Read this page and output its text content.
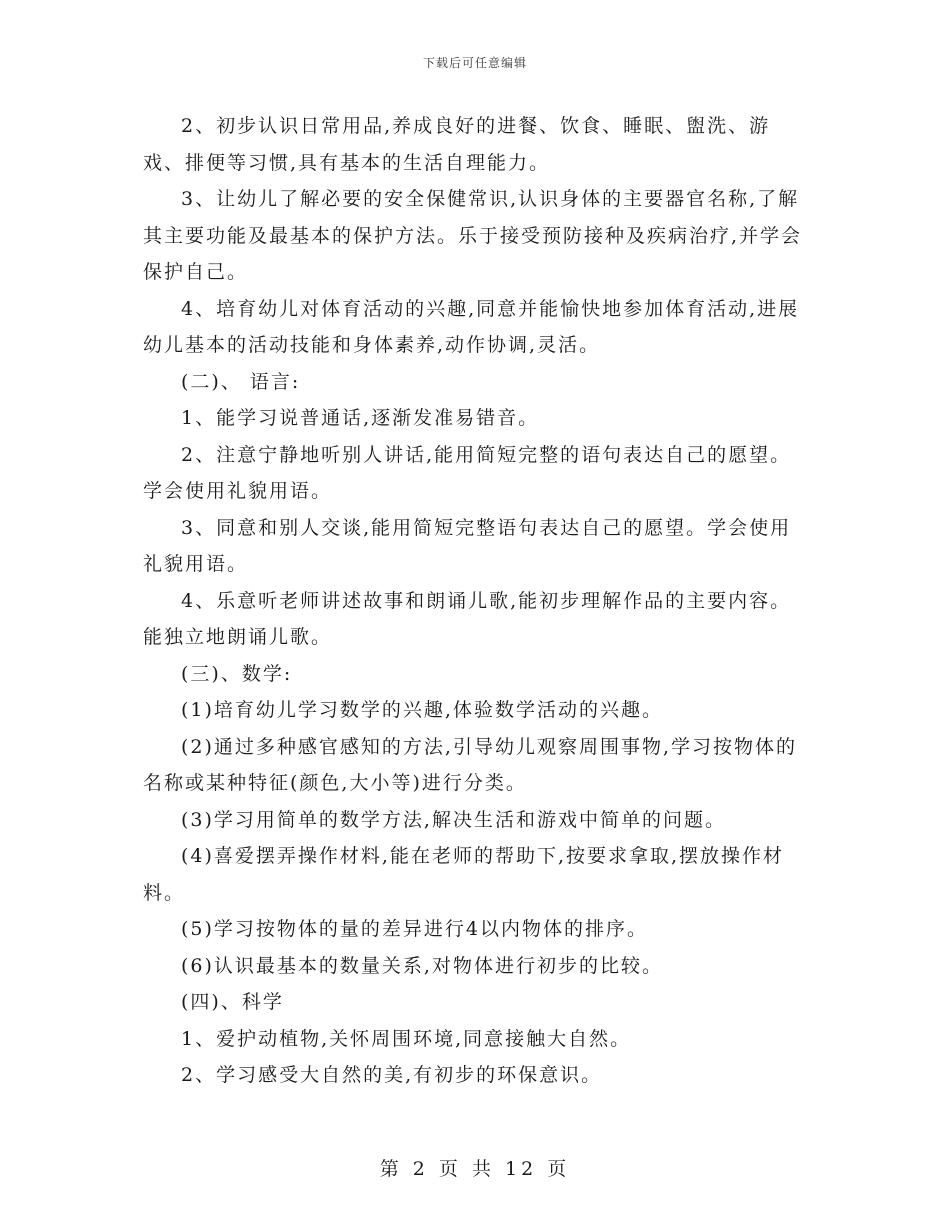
下载后可任意编辑

2、初步认识日常用品,养成良好的进餐、饮食、睡眠、盥洗、游戏、排便等习惯,具有基本的生活自理能力。

3、让幼儿了解必要的安全保健常识,认识身体的主要器官名称,了解其主要功能及最基本的保护方法。乐于接受预防接种及疾病治疗,并学会保护自己。

4、培育幼儿对体育活动的兴趣,同意并能愉快地参加体育活动,进展幼儿基本的活动技能和身体素养,动作协调,灵活。

(二)、 语言:

1、能学习说普通话,逐渐发准易错音。

2、注意宁静地听别人讲话,能用简短完整的语句表达自己的愿望。学会使用礼貌用语。

3、同意和别人交谈,能用简短完整语句表达自己的愿望。学会使用礼貌用语。

4、乐意听老师讲述故事和朗诵儿歌,能初步理解作品的主要内容。能独立地朗诵儿歌。

(三)、数学:

(1)培育幼儿学习数学的兴趣,体验数学活动的兴趣。

(2)通过多种感官感知的方法,引导幼儿观察周围事物,学习按物体的名称或某种特征(颜色,大小等)进行分类。

(3)学习用简单的数学方法,解决生活和游戏中简单的问题。

(4)喜爱摆弄操作材料,能在老师的帮助下,按要求拿取,摆放操作材料。

(5)学习按物体的量的差异进行4以内物体的排序。

(6)认识最基本的数量关系,对物体进行初步的比较。

(四)、科学

1、爱护动植物,关怀周围环境,同意接触大自然。

2、学习感受大自然的美,有初步的环保意识。

第 2 页 共 12 页
